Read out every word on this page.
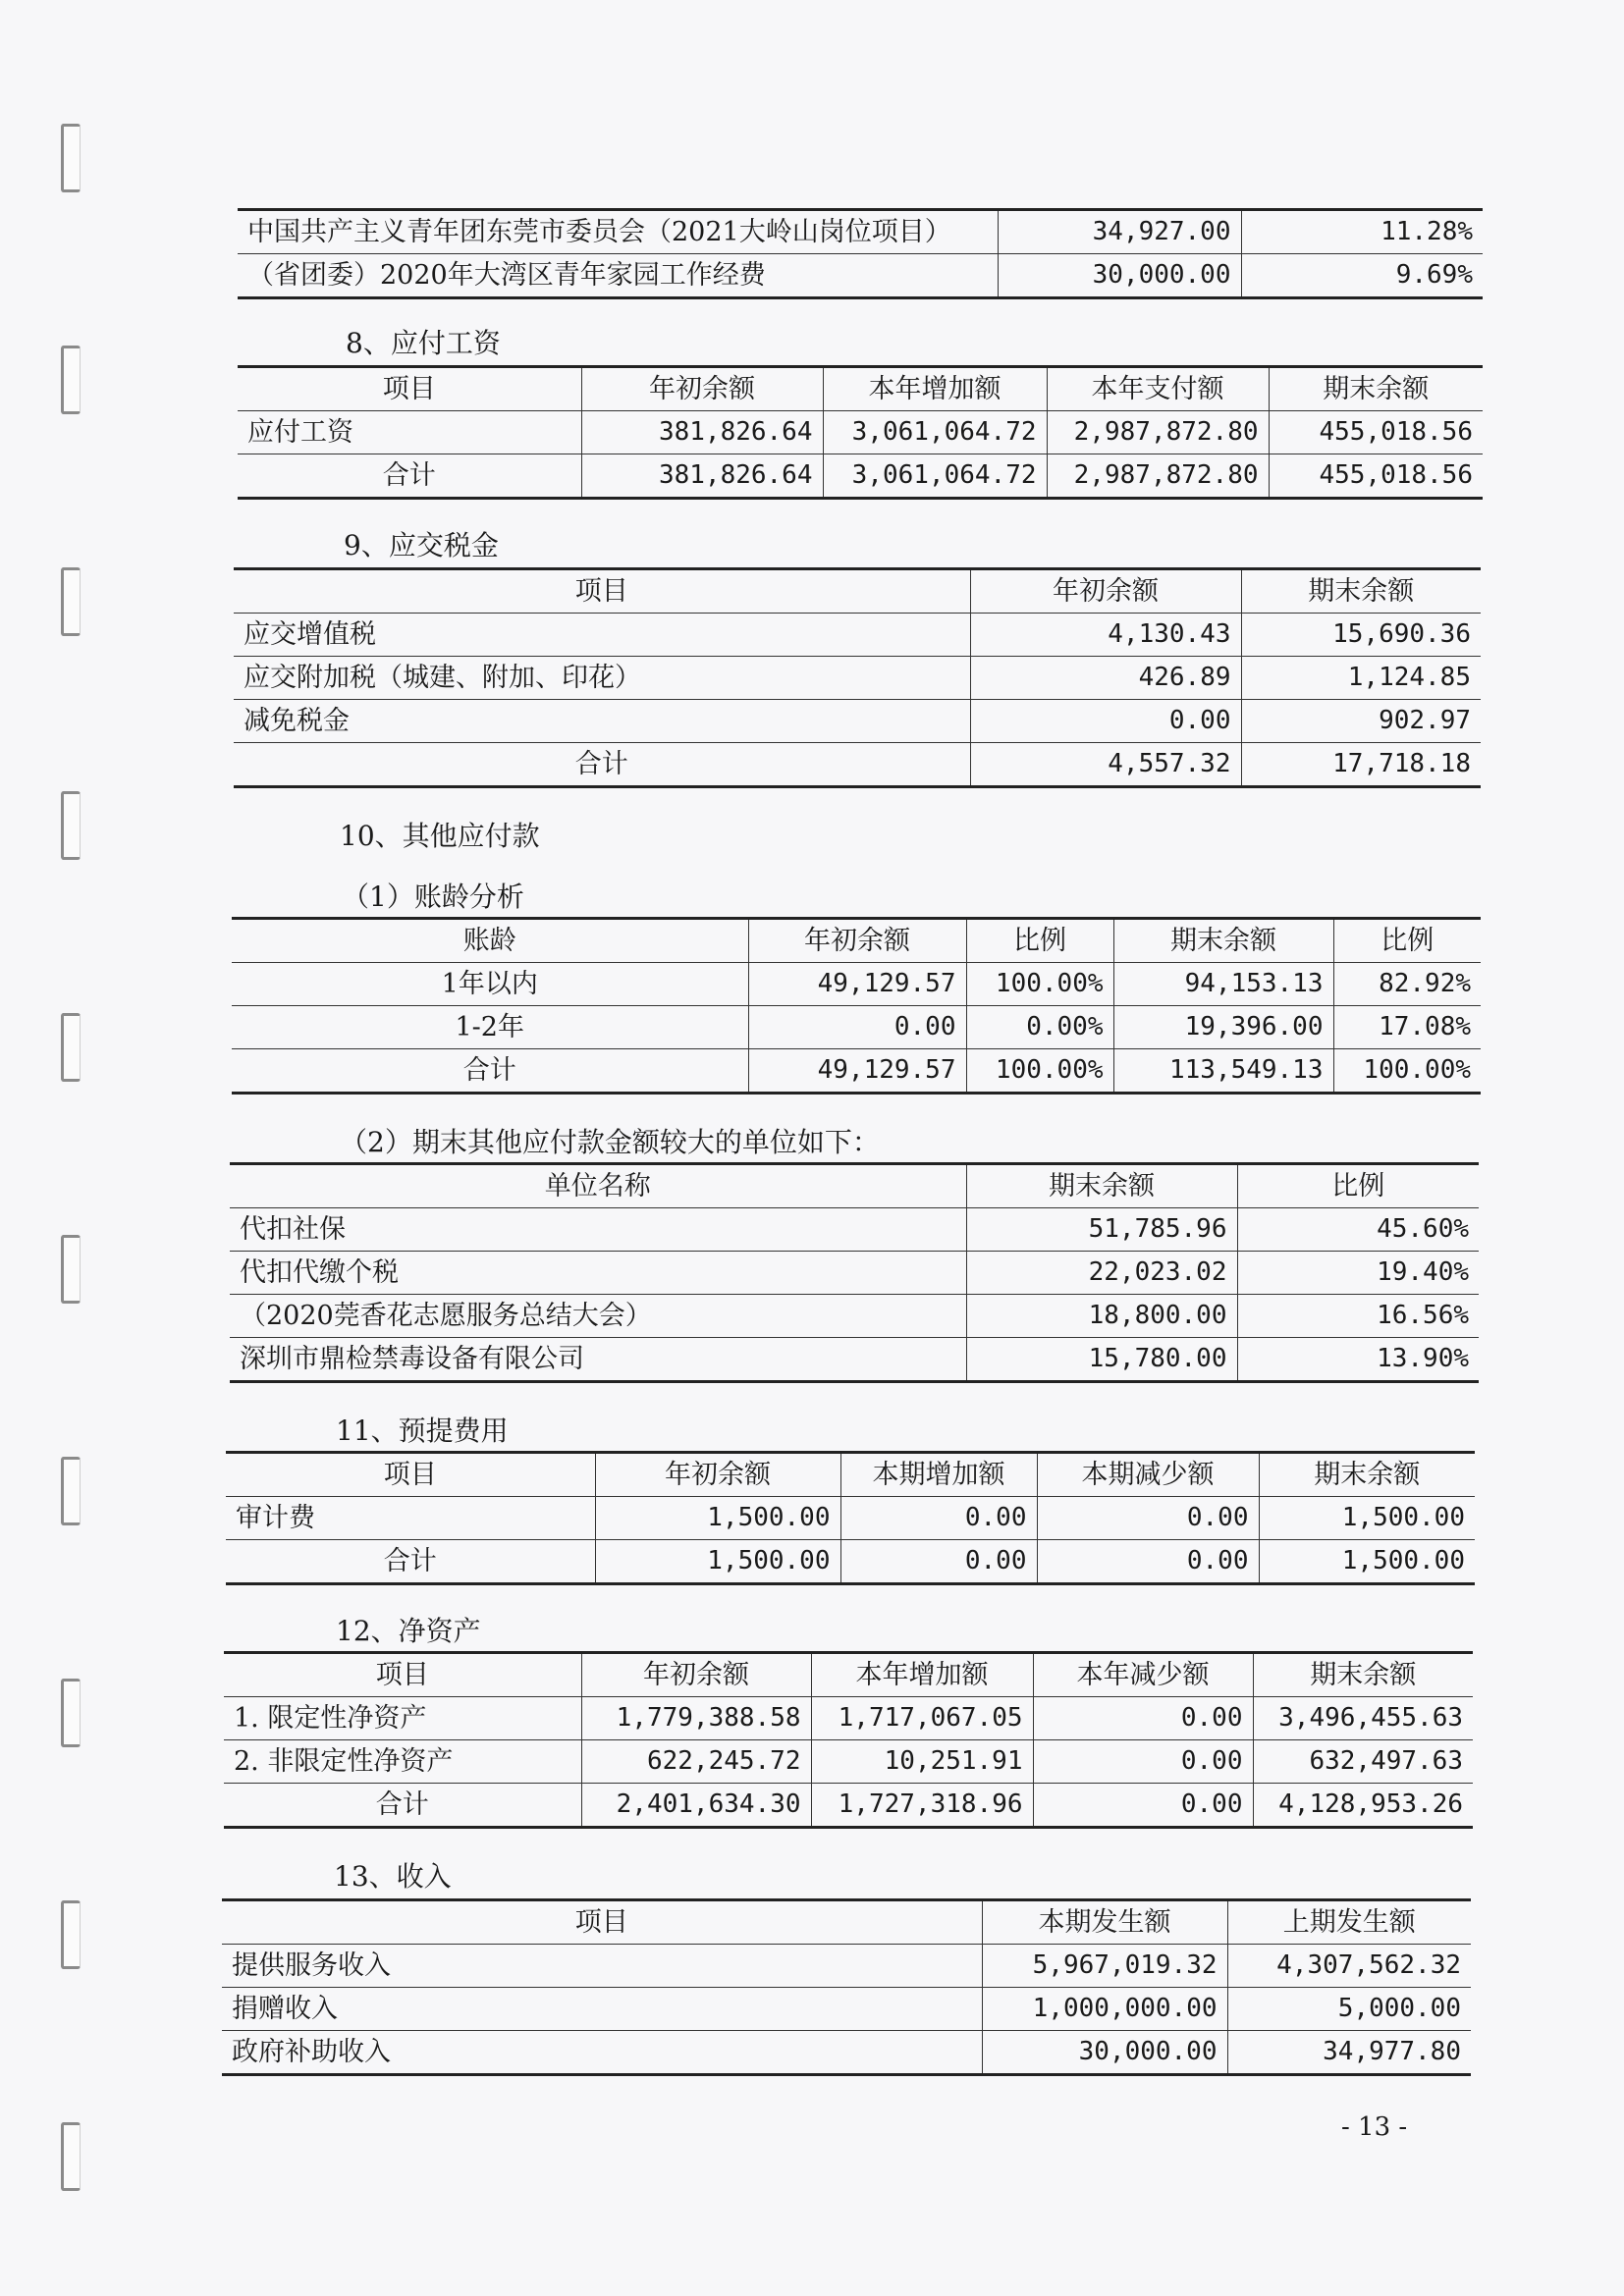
中国共产主义青年团东莞市委员会（2021大岭山岗位项目）	34,927.00	11.28%
（省团委）2020年大湾区青年家园工作经费	30,000.00	9.69%
8、应付工资
项目	年初余额	本年增加额	本年支付额	期末余额
应付工资	381,826.64	3,061,064.72	2,987,872.80	455,018.56
合计	381,826.64	3,061,064.72	2,987,872.80	455,018.56
9、应交税金
项目	年初余额	期末余额
应交增值税	4,130.43	15,690.36
应交附加税（城建、附加、印花）	426.89	1,124.85
减免税金	0.00	902.97
合计	4,557.32	17,718.18
10、其他应付款
（1）账龄分析
账龄	年初余额	比例	期末余额	比例
1年以内	49,129.57	100.00%	94,153.13	82.92%
1-2年	0.00	0.00%	19,396.00	17.08%
合计	49,129.57	100.00%	113,549.13	100.00%
（2）期末其他应付款金额较大的单位如下：
单位名称	期末余额	比例
代扣社保	51,785.96	45.60%
代扣代缴个税	22,023.02	19.40%
（2020莞香花志愿服务总结大会）	18,800.00	16.56%
深圳市鼎检禁毒设备有限公司	15,780.00	13.90%
11、预提费用
项目	年初余额	本期增加额	本期减少额	期末余额
审计费	1,500.00	0.00	0.00	1,500.00
合计	1,500.00	0.00	0.00	1,500.00
12、净资产
项目	年初余额	本年增加额	本年减少额	期末余额
1. 限定性净资产	1,779,388.58	1,717,067.05	0.00	3,496,455.63
2. 非限定性净资产	622,245.72	10,251.91	0.00	632,497.63
合计	2,401,634.30	1,727,318.96	0.00	4,128,953.26
13、收入
项目	本期发生额	上期发生额
提供服务收入	5,967,019.32	4,307,562.32
捐赠收入	1,000,000.00	5,000.00
政府补助收入	30,000.00	34,977.80
- 13 -
